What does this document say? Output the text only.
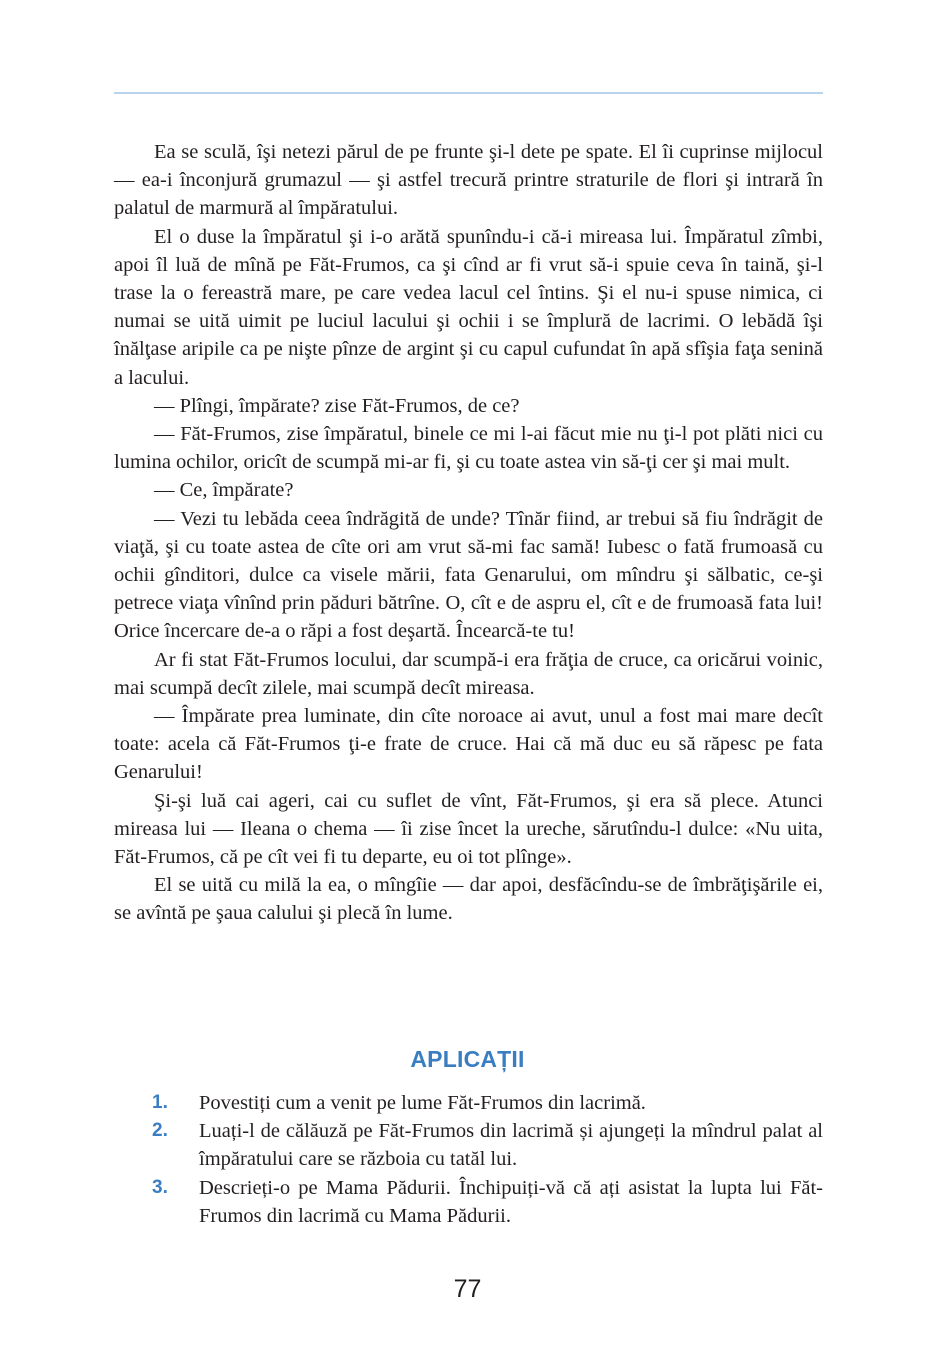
Ea se sculă, îşi netezi părul de pe frunte şi-l dete pe spate. El îi cuprinse mijlocul — ea-i înconjură grumazul — şi astfel trecură printre straturile de flori şi intrară în palatul de marmură al împăratului.

El o duse la împăratul şi i-o arătă spunîndu-i că-i mireasa lui. Împăratul zîmbi, apoi îl luă de mînă pe Făt-Frumos, ca şi cînd ar fi vrut să-i spuie ceva în taină, şi-l trase la o fereastră mare, pe care vedea lacul cel întins. Şi el nu-i spuse nimica, ci numai se uită uimit pe luciul lacului şi ochii i se împlură de lacrimi. O lebădă îşi înălţase aripile ca pe nişte pînze de argint şi cu capul cufundat în apă sfîşia faţa senină a lacului.

— Plîngi, împărate? zise Făt-Frumos, de ce?

— Făt-Frumos, zise împăratul, binele ce mi l-ai făcut mie nu ţi-l pot plăti nici cu lumina ochilor, oricît de scumpă mi-ar fi, şi cu toate astea vin să-ţi cer şi mai mult.

— Ce, împărate?

— Vezi tu lebăda ceea îndrăgită de unde? Tînăr fiind, ar trebui să fiu îndrăgit de viaţă, şi cu toate astea de cîte ori am vrut să-mi fac samă! Iubesc o fată frumoasă cu ochii gînditori, dulce ca visele mării, fata Genarului, om mîndru şi sălbatic, ce-şi petrece viaţa vînînd prin păduri bătrîne. O, cît e de aspru el, cît e de frumoasă fata lui! Orice încercare de-a o răpi a fost deşartă. Încearcă-te tu!

Ar fi stat Făt-Frumos locului, dar scumpă-i era frăţia de cruce, ca oricărui voinic, mai scumpă decît zilele, mai scumpă decît mireasa.

— Împărate prea luminate, din cîte noroace ai avut, unul a fost mai mare decît toate: acela că Făt-Frumos ţi-e frate de cruce. Hai că mă duc eu să răpesc pe fata Genarului!

Şi-şi luă cai ageri, cai cu suflet de vînt, Făt-Frumos, şi era să plece. Atunci mireasa lui — Ileana o chema — îi zise încet la ureche, sărutîndu-l dulce: «Nu uita, Făt-Frumos, că pe cît vei fi tu departe, eu oi tot plînge».

El se uită cu milă la ea, o mîngîie — dar apoi, desfăcîndu-se de îmbrăţişările ei, se avîntă pe şaua calului şi plecă în lume.

APLICAȚII
1.	Povestiți cum a venit pe lume Făt-Frumos din lacrimă.
2.	Luați-l de călăuză pe Făt-Frumos din lacrimă și ajungeți la mîndrul palat al împăratului care se războia cu tatăl lui.
3.	Descrieți-o pe Mama Pădurii. Închipuiți-vă că ați asistat la lupta lui Făt-Frumos din lacrimă cu Mama Pădurii.
77
